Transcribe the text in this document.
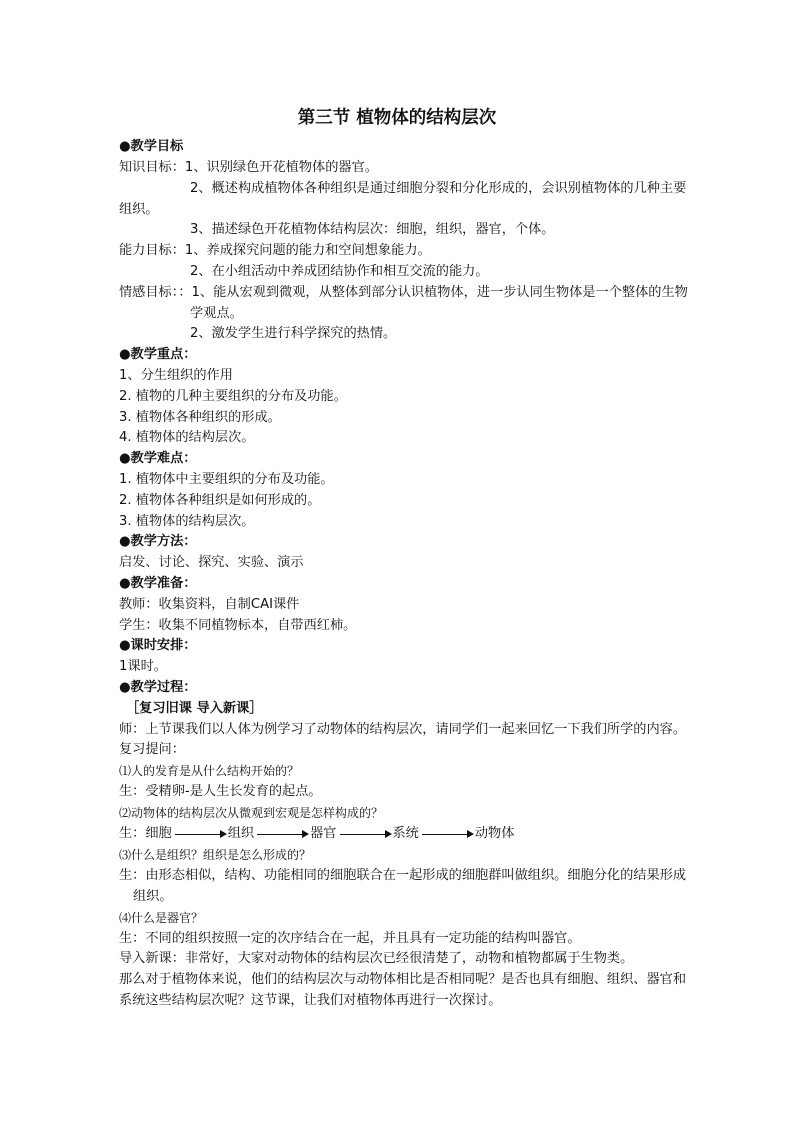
第三节 植物体的结构层次
●教学目标
知识目标：1、识别绿色开花植物体的器官。
2、概述构成植物体各种组织是通过细胞分裂和分化形成的，会识别植物体的几种主要
组织。
3、描述绿色开花植物体结构层次：细胞，组织，器官，个体。
能力目标：1、养成探究问题的能力和空间想象能力。
2、在小组活动中养成团结协作和相互交流的能力。
情感目标：：1、能从宏观到微观，从整体到部分认识植物体，进一步认同生物体是一个整体的生物
学观点。
2、激发学生进行科学探究的热情。
●教学重点：
1、分生组织的作用
2. 植物的几种主要组织的分布及功能。
3. 植物体各种组织的形成。
4. 植物体的结构层次。
●教学难点：
1. 植物体中主要组织的分布及功能。
2. 植物体各种组织是如何形成的。
3. 植物体的结构层次。
●教学方法：
启发、讨论、探究、实验、演示
●教学准备：
教师：收集资料，自制CAI课件
学生：收集不同植物标本，自带西红柿。
●课时安排：
1课时。
●教学过程：
［复习旧课 导入新课］
师：上节课我们以人体为例学习了动物体的结构层次，请同学们一起来回忆一下我们所学的内容。
复习提问：
⑴人的发育是从什么结构开始的？
生：受精卵-是人生长发育的起点。
⑵动物体的结构层次从微观到宏观是怎样构成的？
生：细胞	组织	器官	系统	动物体
⑶什么是组织？组织是怎么形成的？
生：由形态相似，结构、功能相同的细胞联合在一起形成的细胞群叫做组织。细胞分化的结果形成
组织。
⑷什么是器官？
生：不同的组织按照一定的次序结合在一起，并且具有一定功能的结构叫器官。
导入新课：非常好，大家对动物体的结构层次已经很清楚了，动物和植物都属于生物类。
那么对于植物体来说，他们的结构层次与动物体相比是否相同呢？是否也具有细胞、组织、器官和
系统这些结构层次呢？这节课，让我们对植物体再进行一次探讨。
